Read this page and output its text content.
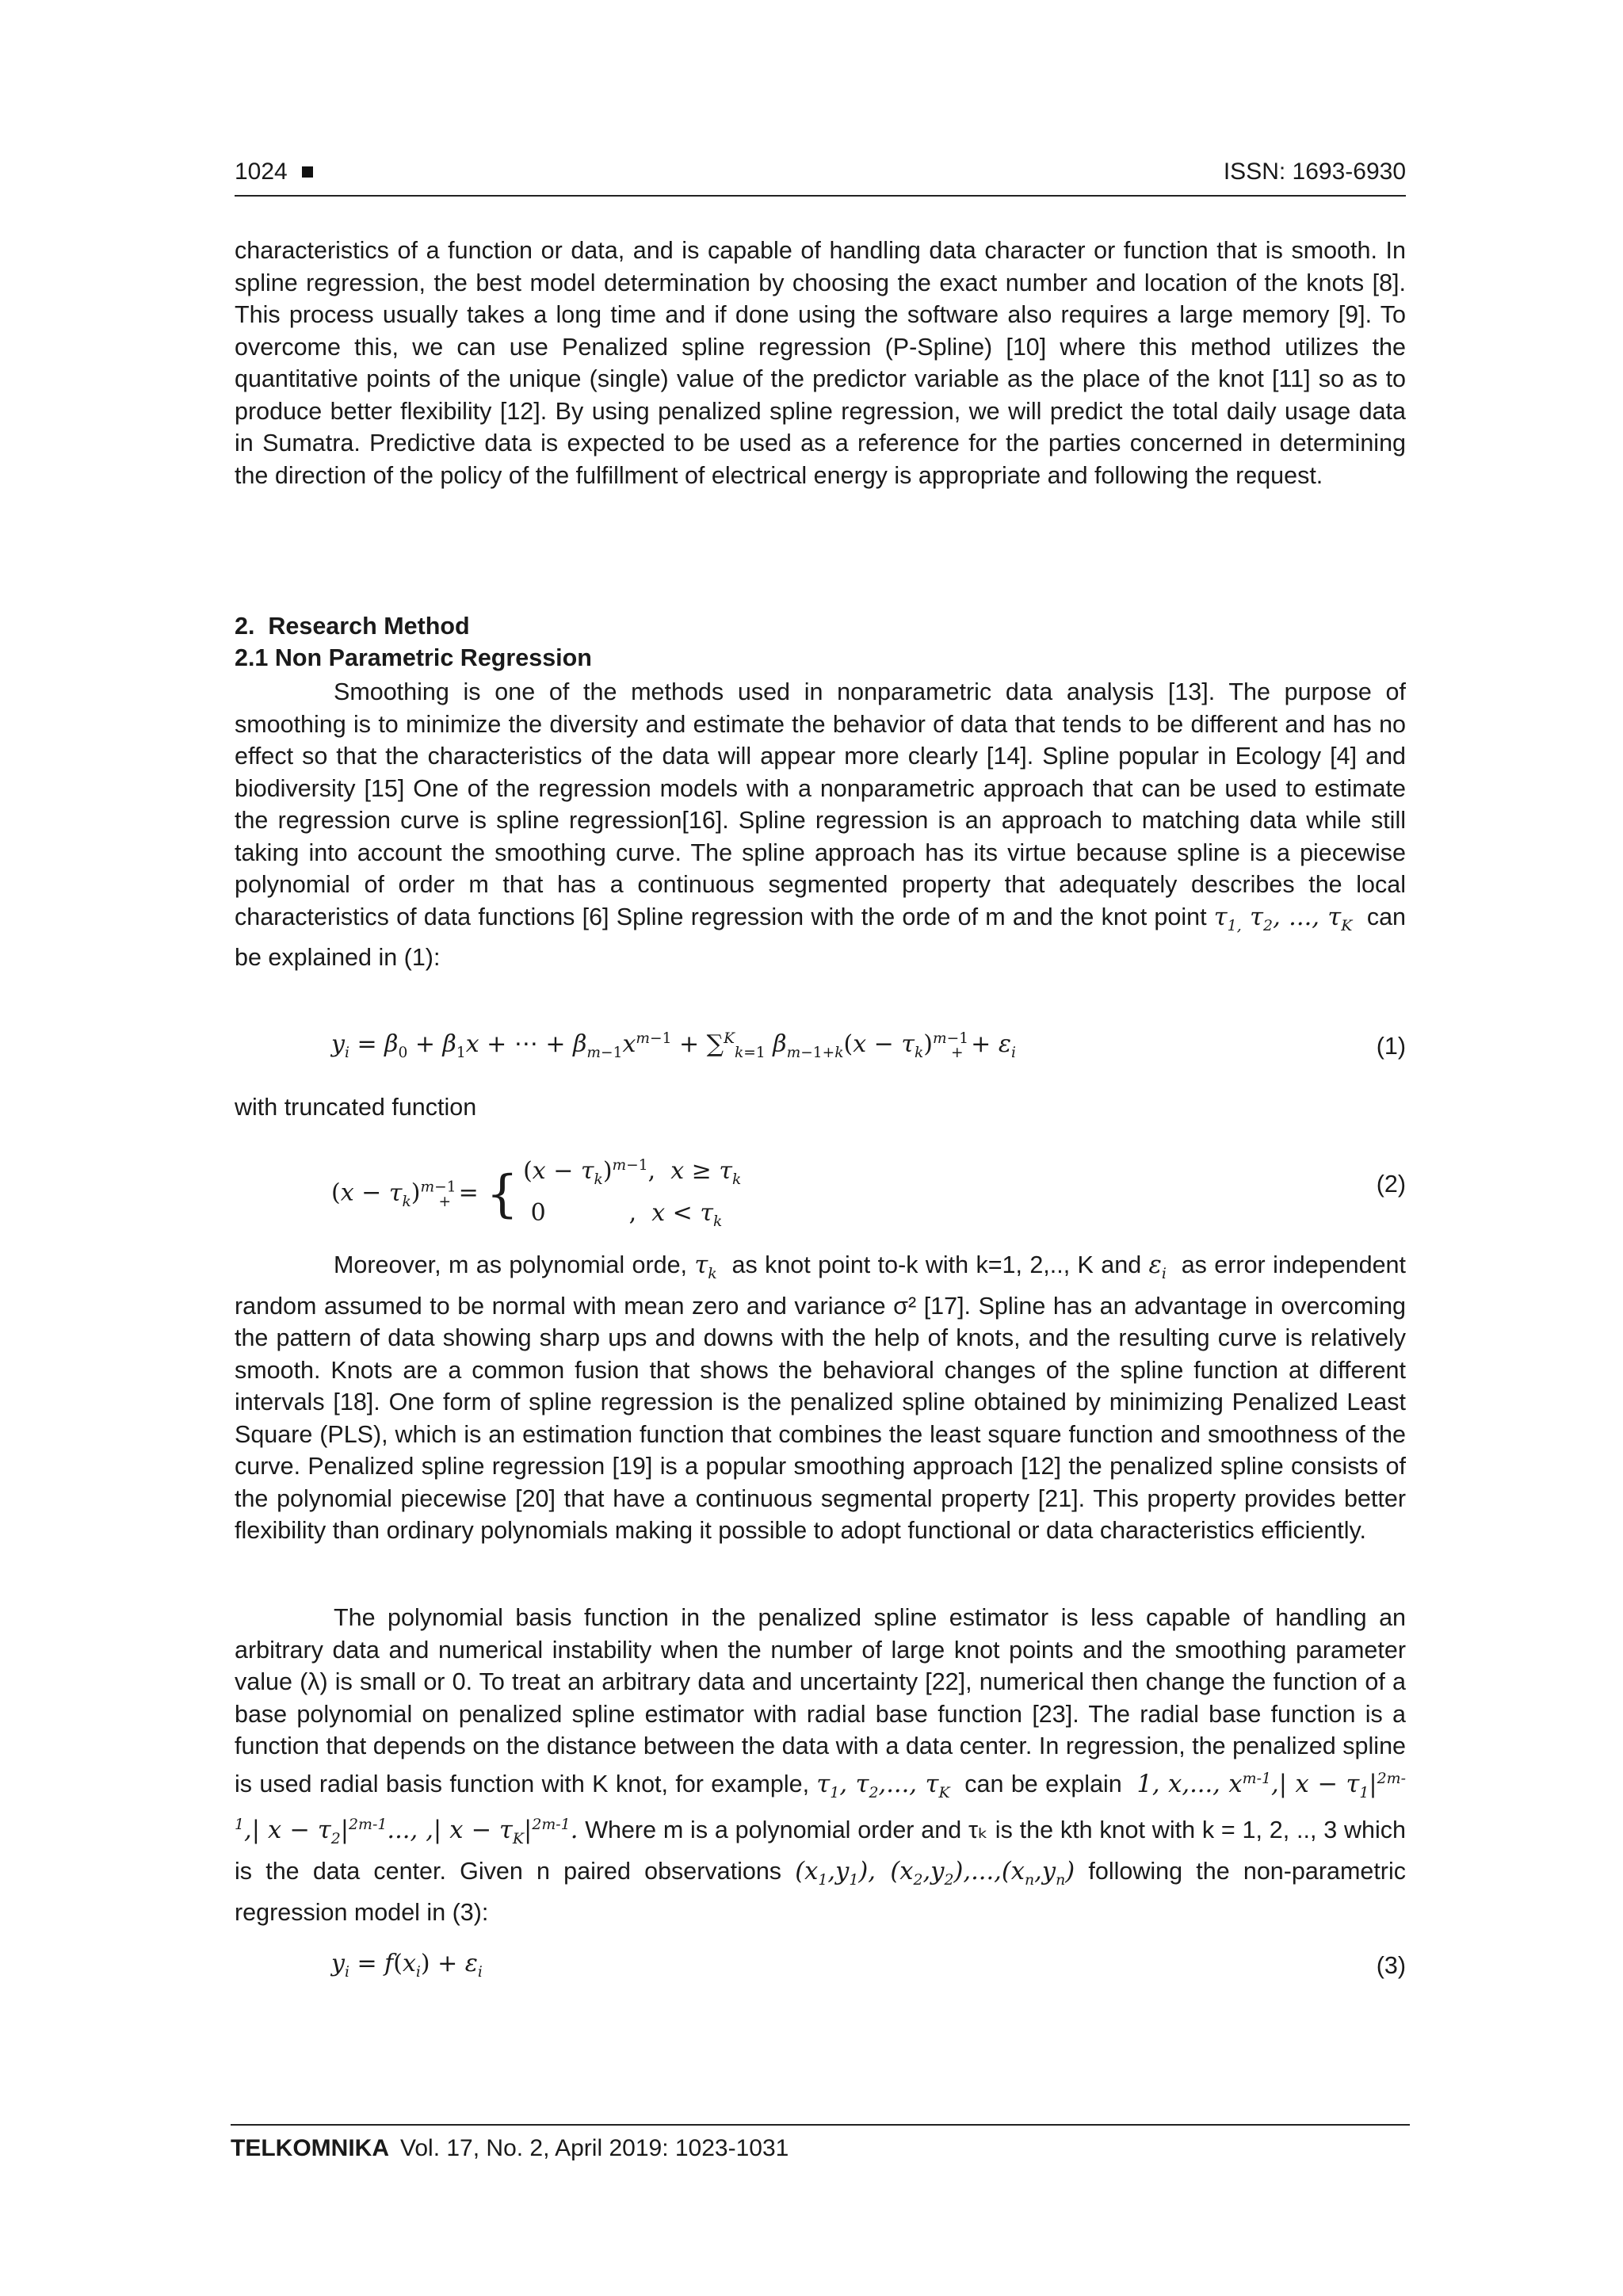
1024	ISSN: 1693-6930

characteristics of a function or data, and is capable of handling data character or function that is smooth. In spline regression, the best model determination by choosing the exact number and location of the knots [8]. This process usually takes a long time and if done using the software also requires a large memory [9]. To overcome this, we can use Penalized spline regression (P-Spline) [10] where this method utilizes the quantitative points of the unique (single) value of the predictor variable as the place of the knot [11] so as to produce better flexibility [12]. By using penalized spline regression, we will predict the total daily usage data in Sumatra. Predictive data is expected to be used as a reference for the parties concerned in determining the direction of the policy of the fulfillment of electrical energy is appropriate and following the request.

2.  Research Method
2.1 Non Parametric Regression

Smoothing is one of the methods used in nonparametric data analysis [13]. The purpose of smoothing is to minimize the diversity and estimate the behavior of data that tends to be different and has no effect so that the characteristics of the data will appear more clearly [14]. Spline popular in Ecology [4] and biodiversity [15] One of the regression models with a nonparametric approach that can be used to estimate the regression curve is spline regression[16]. Spline regression is an approach to matching data while still taking into account the smoothing curve. The spline approach has its virtue because spline is a piecewise polynomial of order m that has a continuous segmented property that adequately describes the local characteristics of data functions [6] Spline regression with the orde of m and the knot point $\tau_{1,}$ $\tau_2$, ..., $\tau_K$ can be explained in (1):

$y_i = \beta_0 + \beta_1x$ + ⋯ + $\beta_{m-1}x^{m-1} + \sum^K_{k=1}$ $\beta_{m-1+k}(x - \tau_k)^{m-1}_+ + \varepsilon_i$	(1)
with truncated function
$(x - \tau_k)^{m-1}_+$ = { $(x - \tau_k)^{m-1}$,  $x \ge \tau_k$
0           ,  $x < \tau_k$
(2)

Moreover, m as polynomial orde, $\tau_k$ as knot point to-k with k=1, 2,.., K and $\varepsilon_i$ as error independent random assumed to be normal with mean zero and variance σ² [17]. Spline has an advantage in overcoming the pattern of data showing sharp ups and downs with the help of knots, and the resulting curve is relatively smooth. Knots are a common fusion that shows the behavioral changes of the spline function at different intervals [18]. One form of spline regression is the penalized spline obtained by minimizing Penalized Least Square (PLS), which is an estimation function that combines the least square function and smoothness of the curve. Penalized spline regression [19] is a popular smoothing approach [12] the penalized spline consists of the polynomial piecewise [20] that have a continuous segmental property [21]. This property provides better flexibility than ordinary polynomials making it possible to adopt functional or data characteristics efficiently.

The polynomial basis function in the penalized spline estimator is less capable of handling an arbitrary data and numerical instability when the number of large knot points and the smoothing parameter value (λ) is small or 0. To treat an arbitrary data and uncertainty [22], numerical then change the function of a base polynomial on penalized spline estimator with radial base function [23]. The radial base function is a function that depends on the distance between the data with a data center. In regression, the penalized spline is used radial basis function with K knot, for example, $\tau_1$, $\tau_2$,..., $\tau_K$ can be explain 1, x,..., $x^{m-1},|$ $x - \tau_1|^{2m-1},|$ $x - \tau_2|^{2m-1}$..., ,| $x - \tau_K|^{2m-1}$. Where m is a polynomial order and τₖ is the kth knot with k = 1, 2, .., 3 which is the data center. Given n paired observations $(x_1,y_1)$, $(x_2,y_2),...,(x_n,y_n)$ following the non-parametric regression model in (3):

$y_i = f(x_i) + \varepsilon_i$	(3)
TELKOMNIKA Vol. 17, No. 2, April 2019: 1023-1031
